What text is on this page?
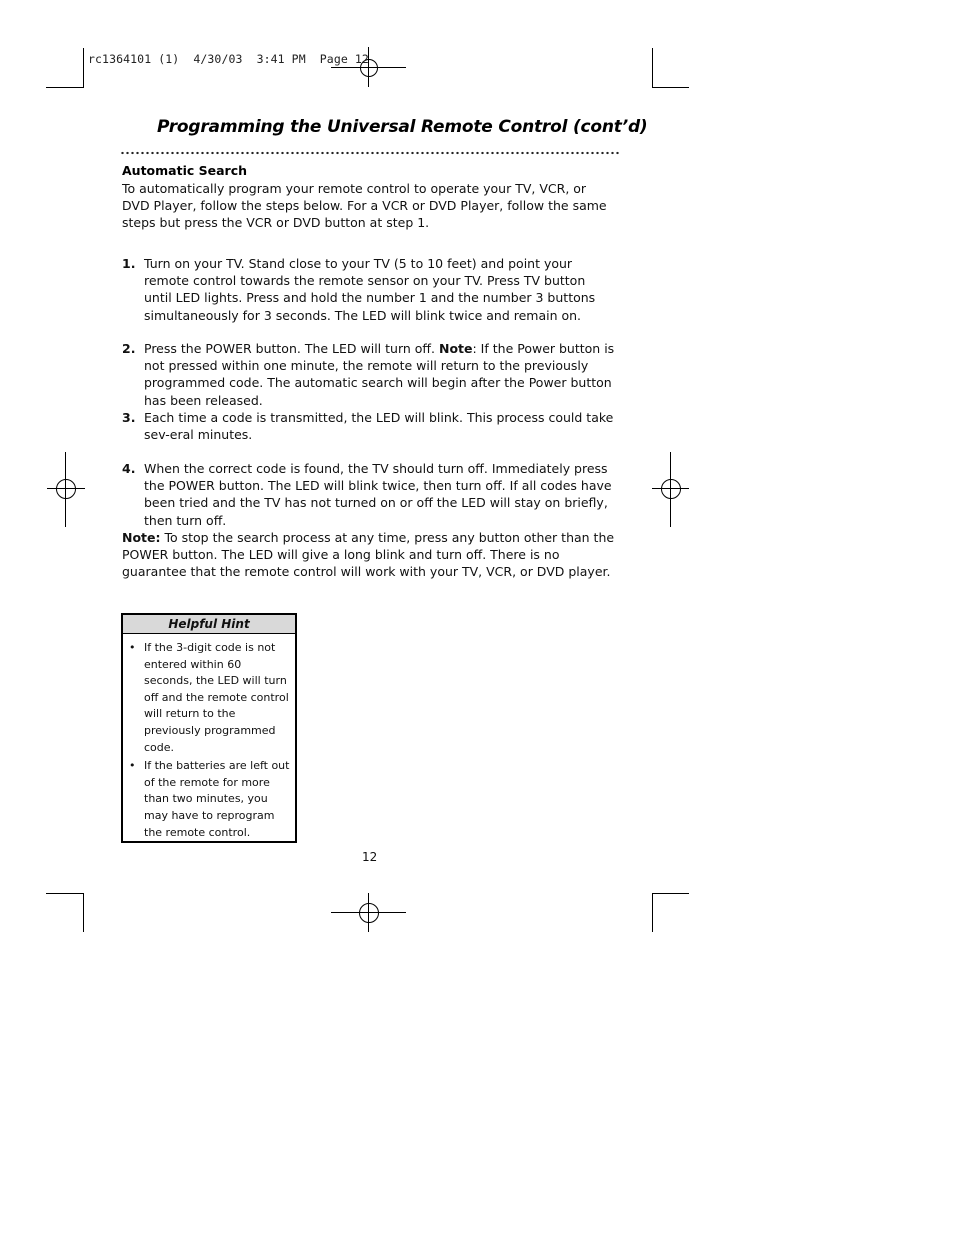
rc1364101 (1)  4/30/03  3:41 PM  Page 12
Programming the Universal Remote Control (cont’d)
Automatic Search
To automatically program your remote control to operate your TV, VCR, or DVD Player, follow the steps below. For a VCR or DVD Player, follow the same steps but press the VCR or DVD button at step 1.
1. Turn on your TV. Stand close to your TV (5 to 10 feet) and point your remote control towards the remote sensor on your TV. Press TV button until LED lights. Press and hold the number 1 and the number 3 buttons simultaneously for 3 seconds. The LED will blink twice and remain on.
2. Press the POWER button. The LED will turn off. Note: If the Power button is not pressed within one minute, the remote will return to the previously programmed code. The automatic search will begin after the Power button has been released.
3. Each time a code is transmitted, the LED will blink. This process could take sev-eral minutes.
4. When the correct code is found, the TV should turn off. Immediately press the POWER button. The LED will blink twice, then turn off. If all codes have been tried and the TV has not turned on or off the LED will stay on briefly, then turn off.
Note: To stop the search process at any time, press any button other than the POWER button. The LED will give a long blink and turn off. There is no guarantee that the remote control will work with your TV, VCR, or DVD player.
Helpful Hint
• If the 3-digit code is not entered within 60 seconds, the LED will turn off and the remote control will return to the previously programmed code.
• If the batteries are left out of the remote for more than two minutes, you may have to reprogram the remote control.
12
